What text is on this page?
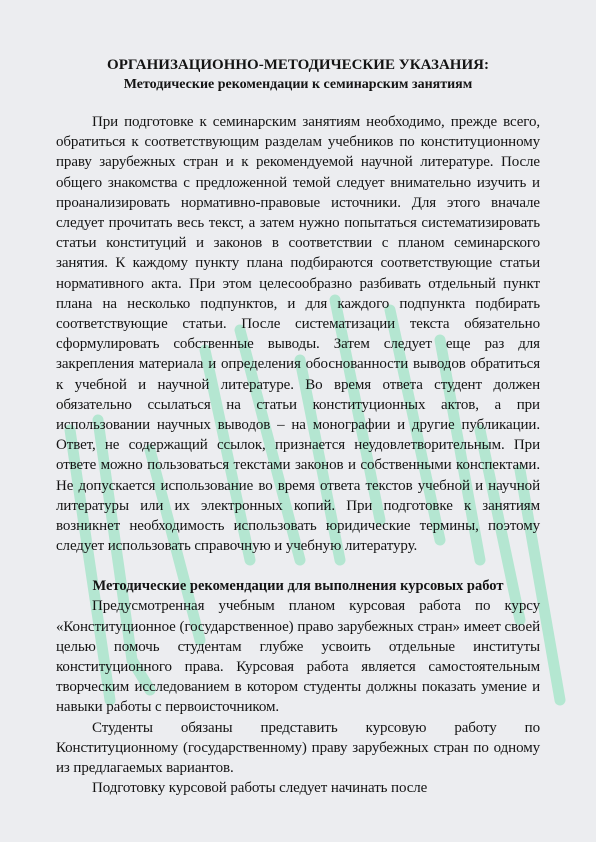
ОРГАНИЗАЦИОННО-МЕТОДИЧЕСКИЕ УКАЗАНИЯ:
Методические рекомендации к семинарским занятиям

При подготовке к семинарским занятиям необходимо, прежде всего, обратиться к соответствующим разделам учебников по конституционному праву зарубежных стран и к рекомендуемой научной литературе. После общего знакомства с предложенной темой следует внимательно изучить и проанализировать нормативно-правовые источники. Для этого вначале следует прочитать весь текст, а затем нужно попытаться систематизировать статьи конституций и законов в соответствии с планом семинарского занятия. К каждому пункту плана подбираются соответствующие статьи нормативного акта. При этом целесообразно разбивать отдельный пункт плана на несколько подпунктов, и для каждого подпункта подбирать соответствующие статьи. После систематизации текста обязательно сформулировать собственные выводы. Затем следует еще раз для закрепления материала и определения обоснованности выводов обратиться к учебной и научной литературе. Во время ответа студент должен обязательно ссылаться на статьи конституционных актов, а при использовании научных выводов – на монографии и другие публикации. Ответ, не содержащий ссылок, признается неудовлетворительным. При ответе можно пользоваться текстами законов и собственными конспектами. Не допускается использование во время ответа текстов учебной и научной литературы или их электронных копий. При подготовке к занятиям возникнет необходимость использовать юридические термины, поэтому следует использовать справочную и учебную литературу.

Методические рекомендации для выполнения курсовых работ

Предусмотренная учебным планом курсовая работа по курсу «Конституционное (государственное) право зарубежных стран» имеет своей целью помочь студентам глубже усвоить отдельные институты конституционного права. Курсовая работа является самостоятельным творческим исследованием в котором студенты должны показать умение и навыки работы с первоисточником.

Студенты обязаны представить курсовую работу по Конституционному (государственному) праву зарубежных стран по одному из предлагаемых вариантов.

Подготовку курсовой работы следует начинать после
